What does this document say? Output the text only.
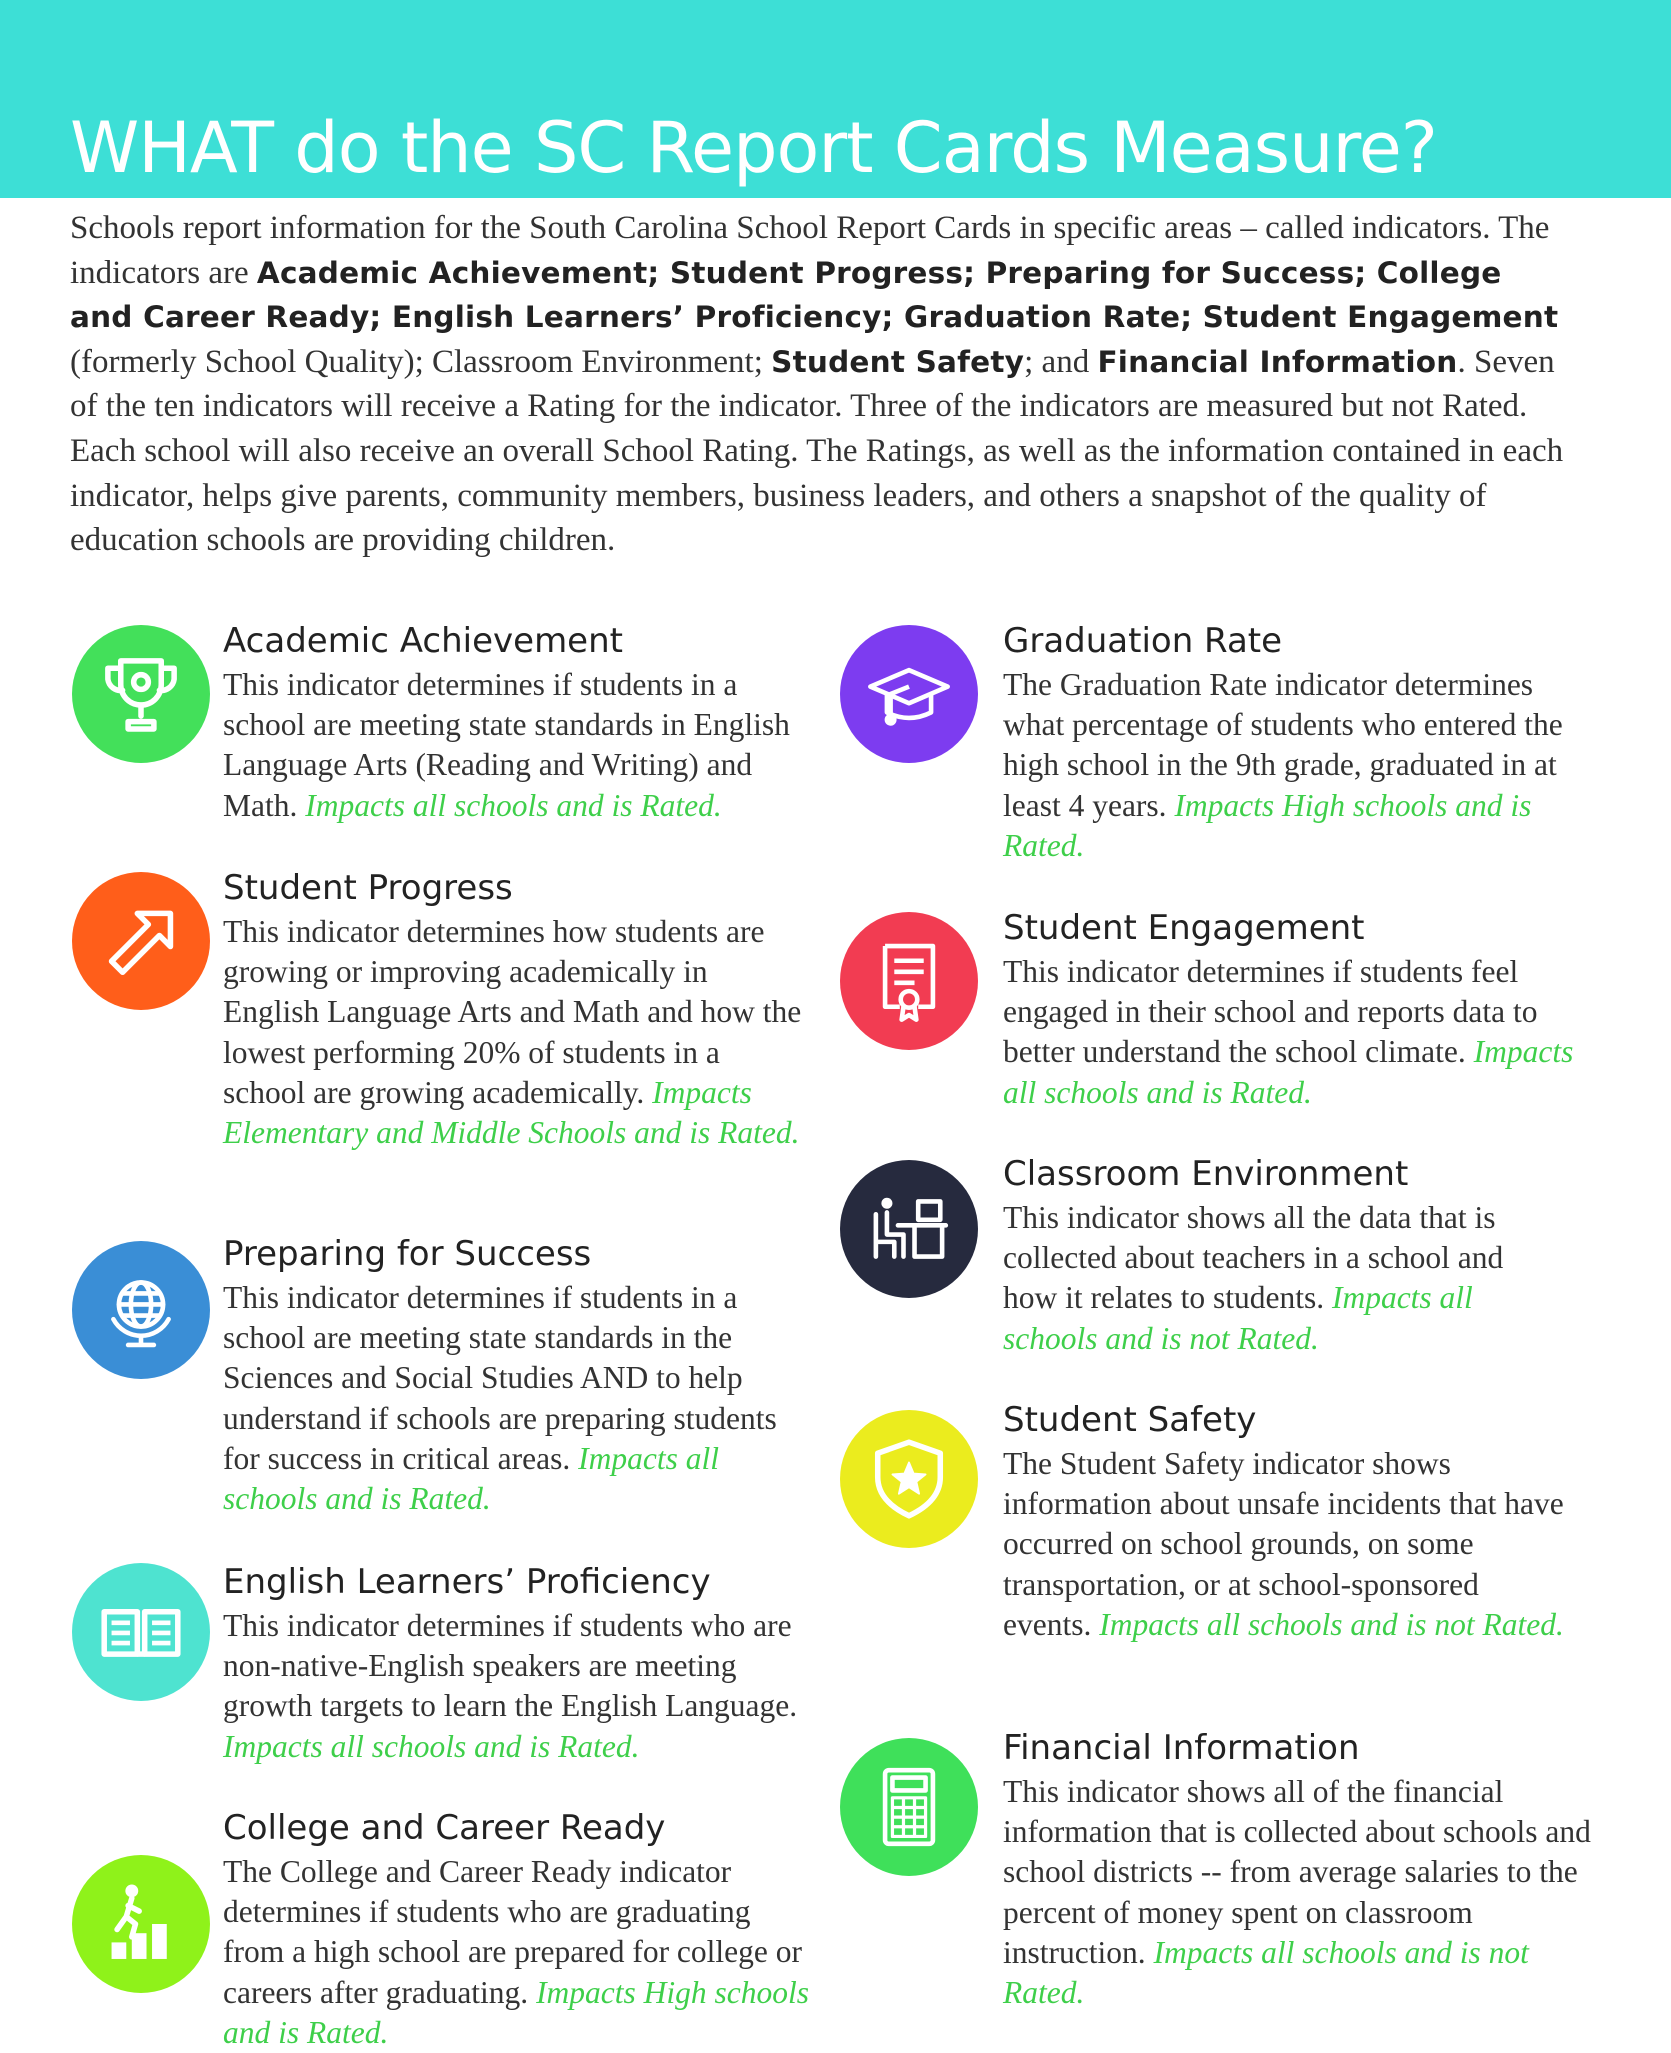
WHAT do the SC Report Cards Measure?
Schools report information for the South Carolina School Report Cards in specific areas – called indicators. The indicators are Academic Achievement; Student Progress; Preparing for Success; College and Career Ready; English Learners’ Proficiency; Graduation Rate; Student Engagement (formerly School Quality); Classroom Environment; Student Safety; and Financial Information. Seven of the ten indicators will receive a Rating for the indicator. Three of the indicators are measured but not Rated. Each school will also receive an overall School Rating. The Ratings, as well as the information contained in each indicator, helps give parents, community members, business leaders, and others a snapshot of the quality of education schools are providing children.
Academic Achievement

This indicator determines if students in a school are meeting state standards in English Language Arts (Reading and Writing) and Math. Impacts all schools and is Rated.

Student Progress

This indicator determines how students are growing or improving academically in English Language Arts and Math and how the lowest performing 20% of students in a school are growing academically. Impacts Elementary and Middle Schools and is Rated.

Preparing for Success

This indicator determines if students in a school are meeting state standards in the Sciences and Social Studies AND to help understand if schools are preparing students for success in critical areas. Impacts all schools and is Rated.

English Learners’ Proficiency

This indicator determines if students who are non-native-English speakers are meeting growth targets to learn the English Language. Impacts all schools and is Rated.

College and Career Ready

The College and Career Ready indicator determines if students who are graduating from a high school are prepared for college or careers after graduating. Impacts High schools and is Rated.

Graduation Rate

The Graduation Rate indicator determines what percentage of students who entered the high school in the 9th grade, graduated in at least 4 years. Impacts High schools and is Rated.

Student Engagement

This indicator determines if students feel engaged in their school and reports data to better understand the school climate. Impacts all schools and is Rated.

Classroom Environment

This indicator shows all the data that is collected about teachers in a school and how it relates to students. Impacts all schools and is not Rated.

Student Safety

The Student Safety indicator shows information about unsafe incidents that have occurred on school grounds, on some transportation, or at school-sponsored events. Impacts all schools and is not Rated.

Financial Information

This indicator shows all of the financial information that is collected about schools and school districts -- from average salaries to the percent of money spent on classroom instruction. Impacts all schools and is not Rated.
